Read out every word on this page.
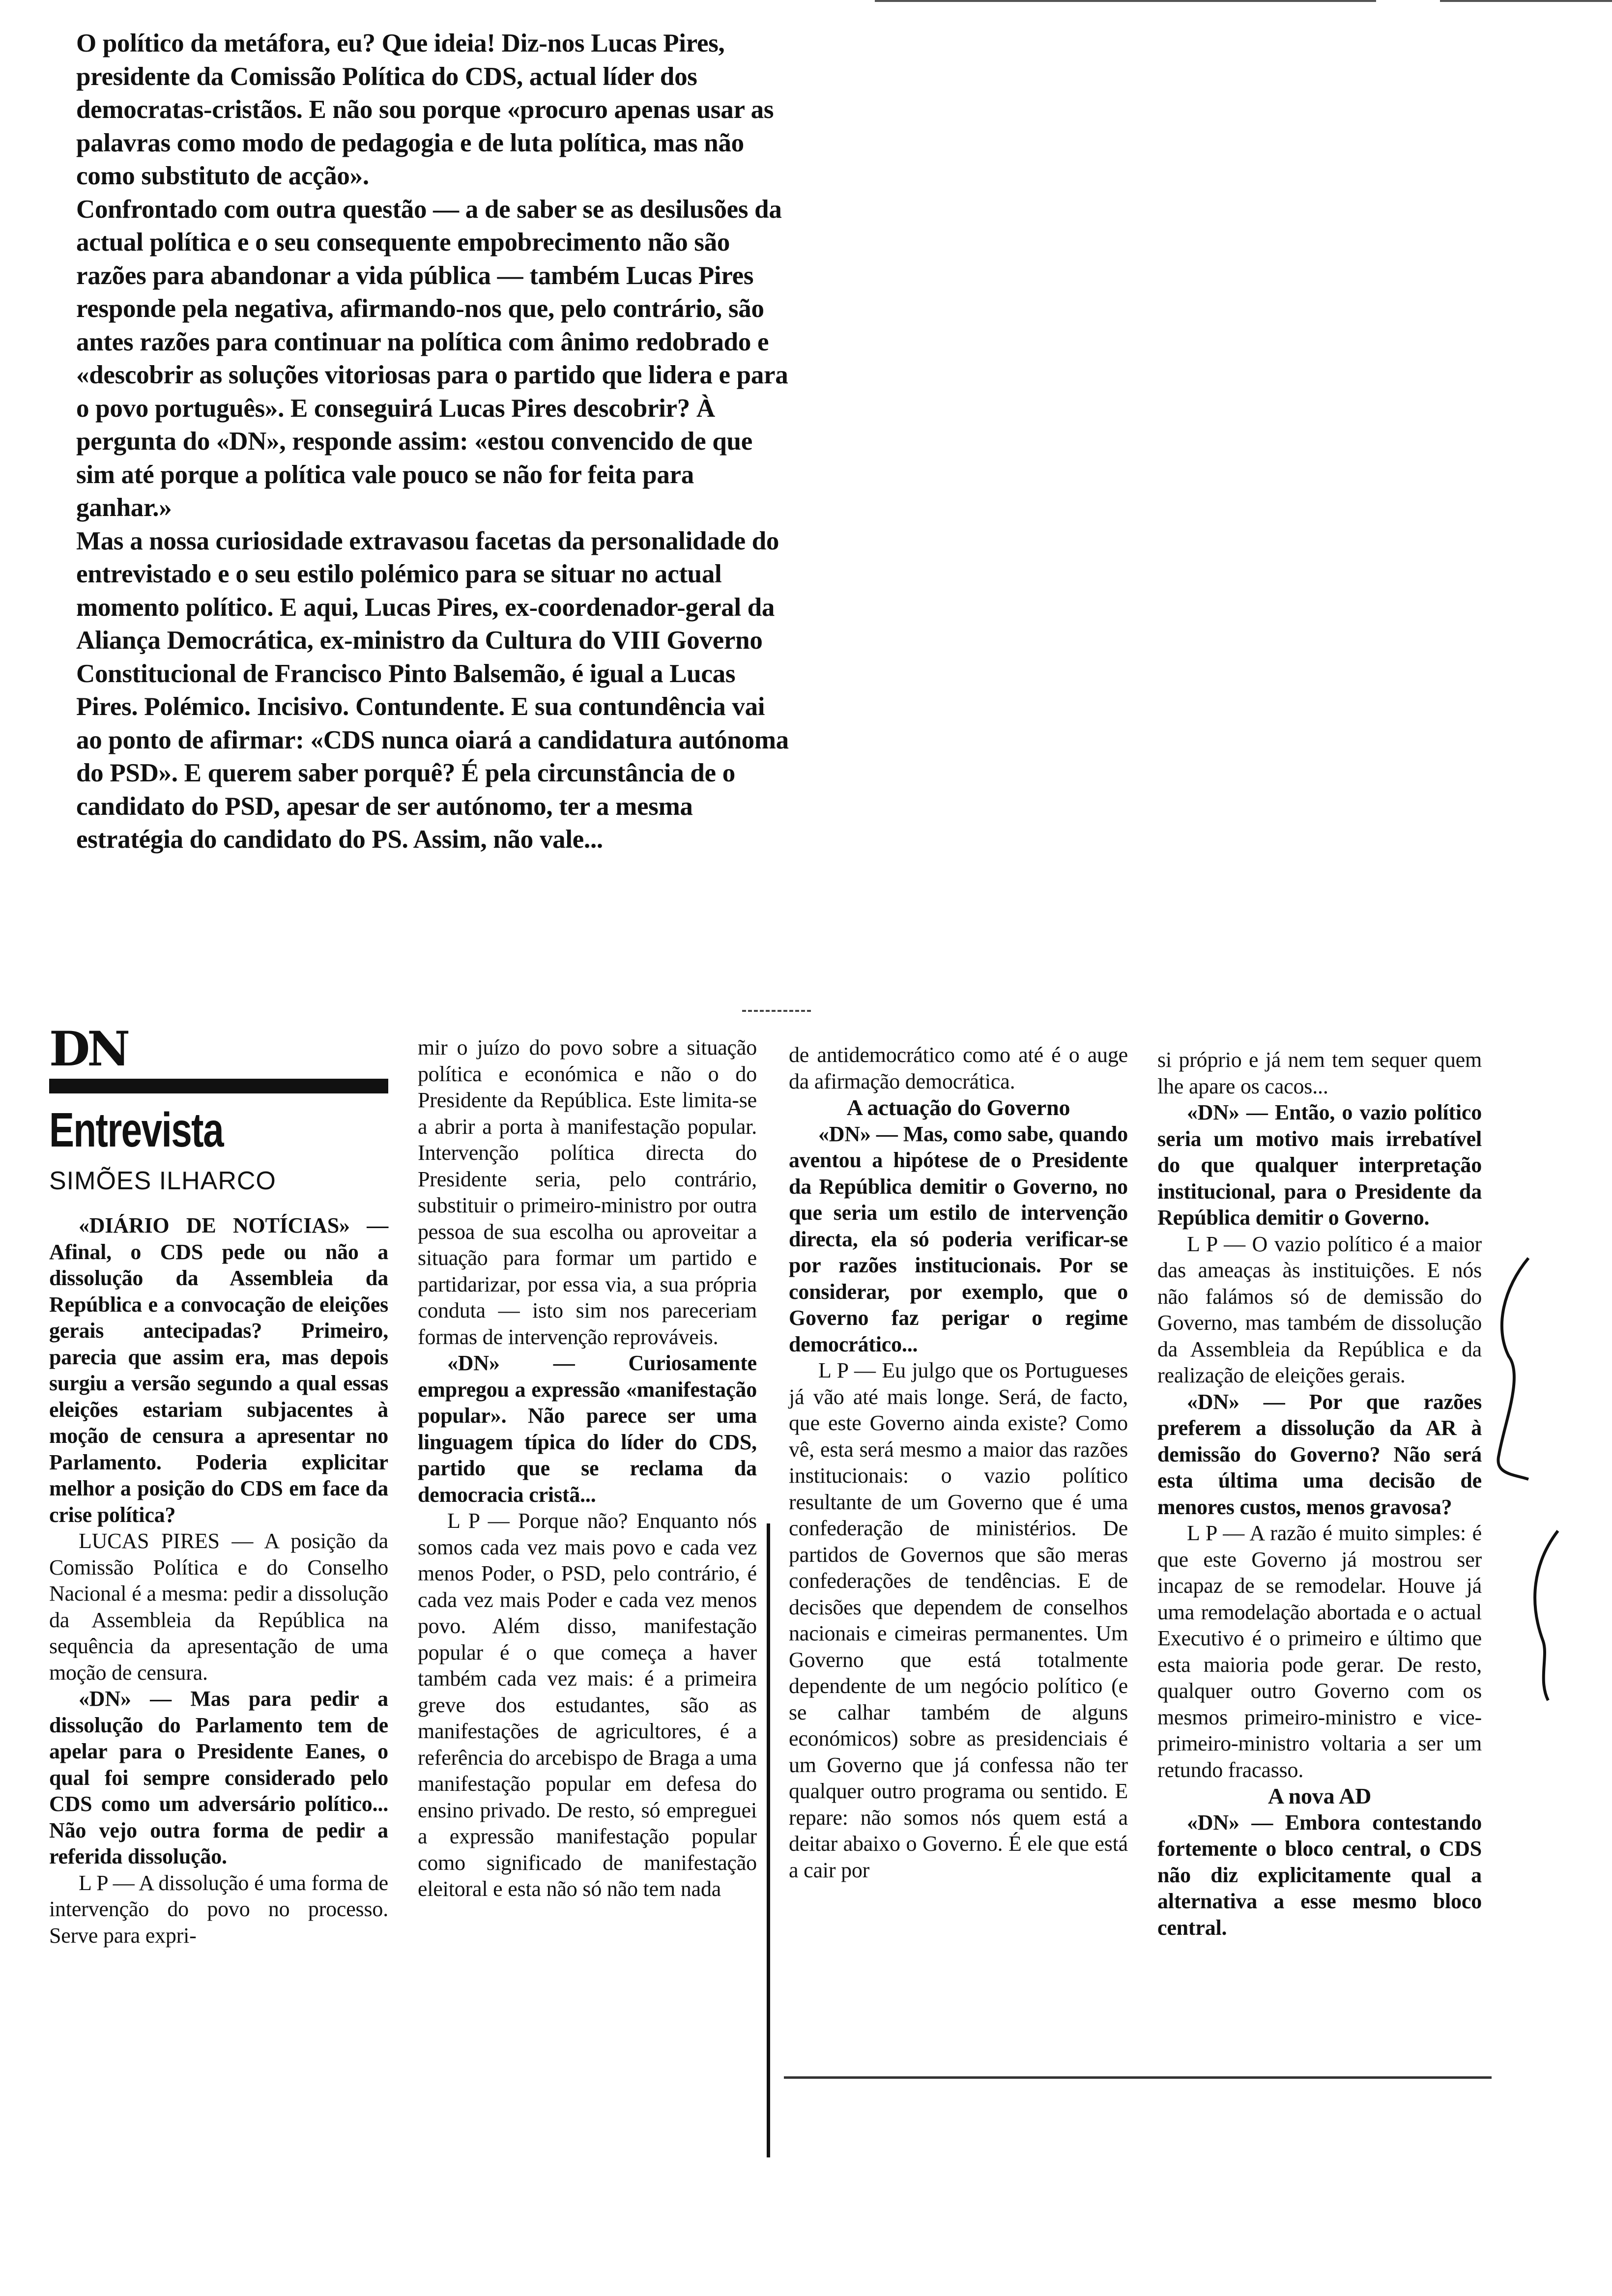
O político da metáfora, eu? Que ideia! Diz-nos Lucas Pires, presidente da Comissão Política do CDS, actual líder dos democratas-cristãos. E não sou porque «procuro apenas usar as palavras como modo de pedagogia e de luta política, mas não como substituto de acção».

Confrontado com outra questão — a de saber se as desilusões da actual política e o seu consequente empobrecimento não são razões para abandonar a vida pública — também Lucas Pires responde pela negativa, afirmando-nos que, pelo contrário, são antes razões para continuar na política com ânimo redobrado e «descobrir as soluções vitoriosas para o partido que lidera e para o povo português». E conseguirá Lucas Pires descobrir? À pergunta do «DN», responde assim: «estou convencido de que sim até porque a política vale pouco se não for feita para ganhar.»

Mas a nossa curiosidade extravasou facetas da personalidade do entrevistado e o seu estilo polémico para se situar no actual momento político. E aqui, Lucas Pires, ex-coordenador-geral da Aliança Democrática, ex-ministro da Cultura do VIII Governo Constitucional de Francisco Pinto Balsemão, é igual a Lucas Pires. Polémico. Incisivo. Contundente. E sua contundência vai ao ponto de afirmar: «CDS nunca oiará a candidatura autónoma do PSD». E querem saber porquê? É pela circunstância de o candidato do PSD, apesar de ser autónomo, ter a mesma estratégia do candidato do PS. Assim, não vale...

DN
Entrevista
SIMÕES ILHARCO

«DIÁRIO DE NOTÍCIAS» — Afinal, o CDS pede ou não a dissolução da Assembleia da República e a convocação de eleições gerais antecipadas? Primeiro, parecia que assim era, mas depois surgiu a versão segundo a qual essas eleições estariam subjacentes à moção de censura a apresentar no Parlamento. Poderia explicitar melhor a posição do CDS em face da crise política?

LUCAS PIRES — A posição da Comissão Política e do Conselho Nacional é a mesma: pedir a dissolução da Assembleia da República na sequência da apresentação de uma moção de censura.

«DN» — Mas para pedir a dissolução do Parlamento tem de apelar para o Presidente Eanes, o qual foi sempre considerado pelo CDS como um adversário político... Não vejo outra forma de pedir a referida dissolução.

L P — A dissolução é uma forma de intervenção do povo no processo. Serve para expri-

mir o juízo do povo sobre a situação política e económica e não o do Presidente da República. Este limita-se a abrir a porta à manifestação popular. Intervenção política directa do Presidente seria, pelo contrário, substituir o primeiro-ministro por outra pessoa de sua escolha ou aproveitar a situação para formar um partido e partidarizar, por essa via, a sua própria conduta — isto sim nos pareceriam formas de intervenção reprováveis.

«DN» — Curiosamente empregou a expressão «manifestação popular». Não parece ser uma linguagem típica do líder do CDS, partido que se reclama da democracia cristã...

L P — Porque não? Enquanto nós somos cada vez mais povo e cada vez menos Poder, o PSD, pelo contrário, é cada vez mais Poder e cada vez menos povo. Além disso, manifestação popular é o que começa a haver também cada vez mais: é a primeira greve dos estudantes, são as manifestações de agricultores, é a referência do arcebispo de Braga a uma manifestação popular em defesa do ensino privado. De resto, só empreguei a expressão manifestação popular como significado de manifestação eleitoral e esta não só não tem nada

de antidemocrático como até é o auge da afirmação democrática.

A actuação do Governo

«DN» — Mas, como sabe, quando aventou a hipótese de o Presidente da República demitir o Governo, no que seria um estilo de intervenção directa, ela só poderia verificar-se por razões institucionais. Por se considerar, por exemplo, que o Governo faz perigar o regime democrático...

L P — Eu julgo que os Portugueses já vão até mais longe. Será, de facto, que este Governo ainda existe? Como vê, esta será mesmo a maior das razões institucionais: o vazio político resultante de um Governo que é uma confederação de ministérios. De partidos de Governos que são meras confederações de tendências. E de decisões que dependem de conselhos nacionais e cimeiras permanentes. Um Governo que está totalmente dependente de um negócio político (e se calhar também de alguns económicos) sobre as presidenciais é um Governo que já confessa não ter qualquer outro programa ou sentido. E repare: não somos nós quem está a deitar abaixo o Governo. É ele que está a cair por

si próprio e já nem tem sequer quem lhe apare os cacos...

«DN» — Então, o vazio político seria um motivo mais irrebatível do que qualquer interpretação institucional, para o Presidente da República demitir o Governo.

L P — O vazio político é a maior das ameaças às instituições. E nós não falámos só de demissão do Governo, mas também de dissolução da Assembleia da República e da realização de eleições gerais.

«DN» — Por que razões preferem a dissolução da AR à demissão do Governo? Não será esta última uma decisão de menores custos, menos gravosa?

L P — A razão é muito simples: é que este Governo já mostrou ser incapaz de se remodelar. Houve já uma remodelação abortada e o actual Executivo é o primeiro e último que esta maioria pode gerar. De resto, qualquer outro Governo com os mesmos primeiro-ministro e vice-primeiro-ministro voltaria a ser um retundo fracasso.

A nova AD

«DN» — Embora contestando fortemente o bloco central, o CDS não diz explicitamente qual a alternativa a esse mesmo bloco central.
